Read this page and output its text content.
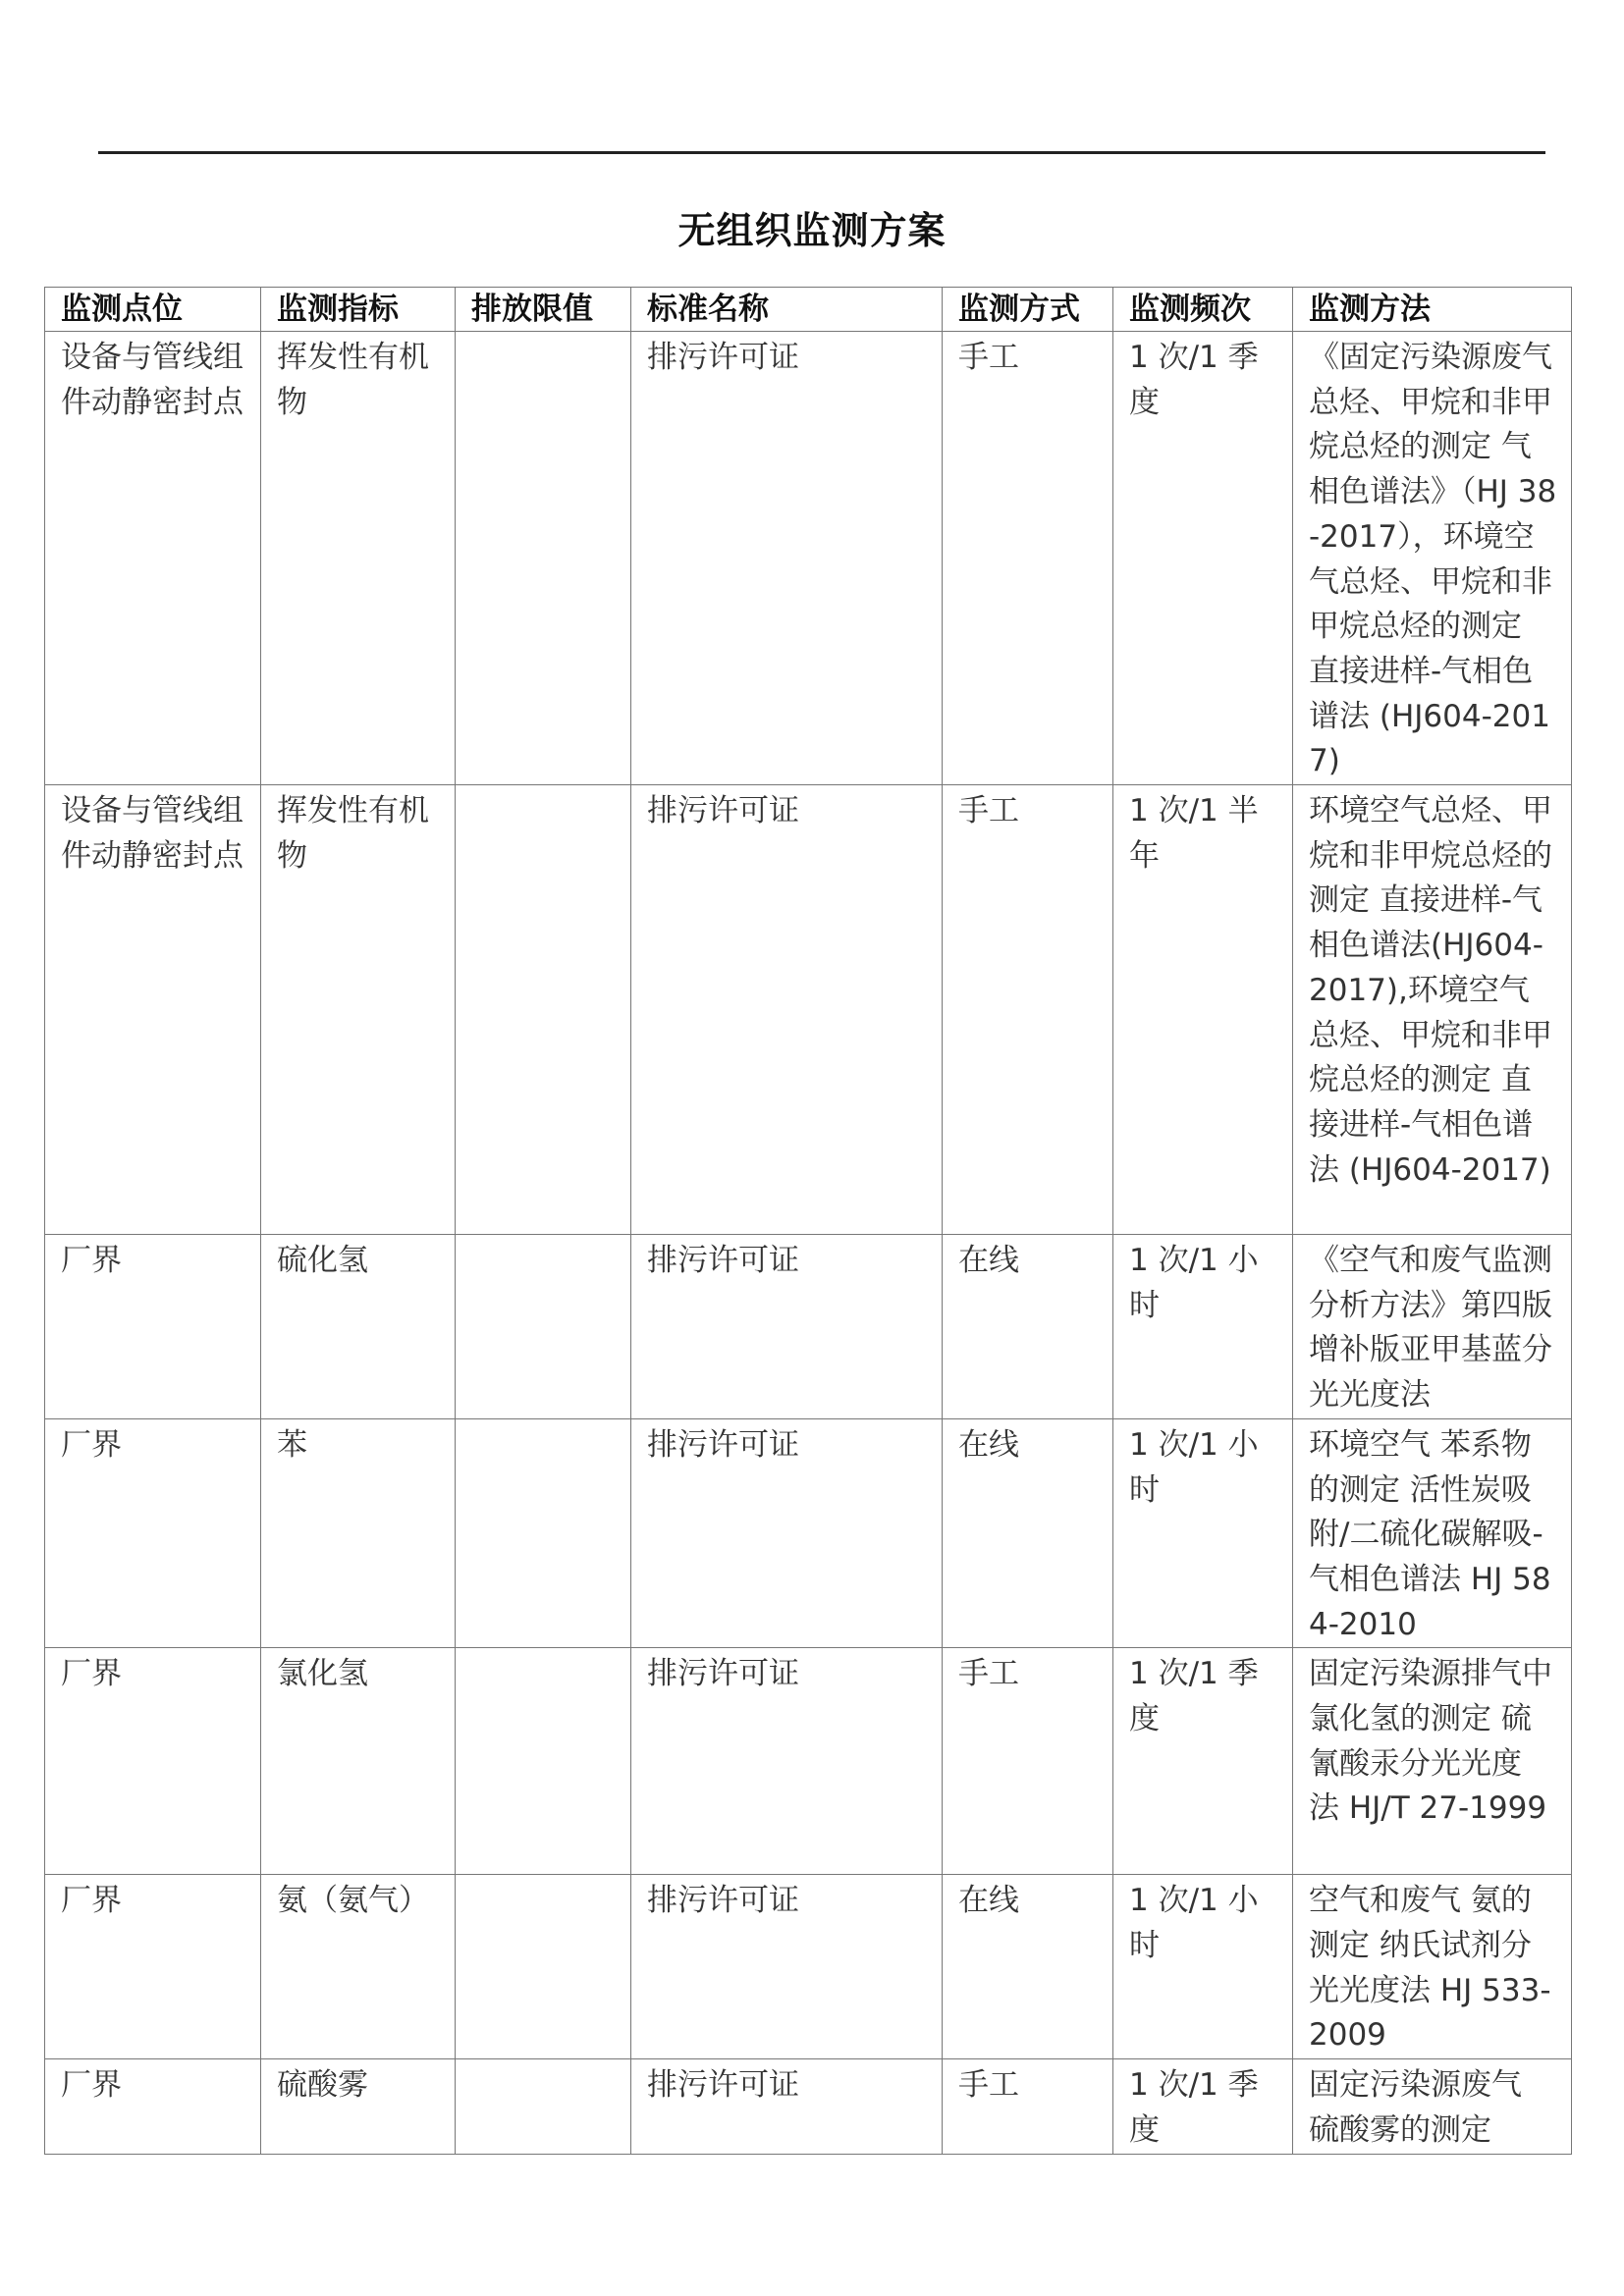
无组织监测方案
监测点位	监测指标	排放限值	标准名称	监测方式	监测频次	监测方法
设备与管线组件动静密封点	挥发性有机物		排污许可证	手工	1 次/1 季度	《固定污染源废气 总烃、甲烷和非甲烷总烃的测定 气相色谱法》（HJ 38-2017），环境空气总烃、甲烷和非甲烷总烃的测定 直接进样-气相色谱法 (HJ604-2017)
设备与管线组件动静密封点	挥发性有机物		排污许可证	手工	1 次/1 半年	环境空气总烃、甲烷和非甲烷总烃的测定 直接进样-气相色谱法(HJ604-2017),环境空气总烃、甲烷和非甲烷总烃的测定 直接进样-气相色谱法 (HJ604-2017)
厂界	硫化氢		排污许可证	在线	1 次/1 小时	《空气和废气监测分析方法》第四版增补版亚甲基蓝分光光度法
厂界	苯		排污许可证	在线	1 次/1 小时	环境空气 苯系物的测定 活性炭吸附/二硫化碳解吸-气相色谱法 HJ 584-2010
厂界	氯化氢		排污许可证	手工	1 次/1 季度	固定污染源排气中氯化氢的测定 硫氰酸汞分光光度 法 HJ/T 27-1999
厂界	氨（氨气）		排污许可证	在线	1 次/1 小时	空气和废气 氨的测定 纳氏试剂分光光度法 HJ 533-2009
厂界	硫酸雾		排污许可证	手工	1 次/1 季度	固定污染源废气 硫酸雾的测定
